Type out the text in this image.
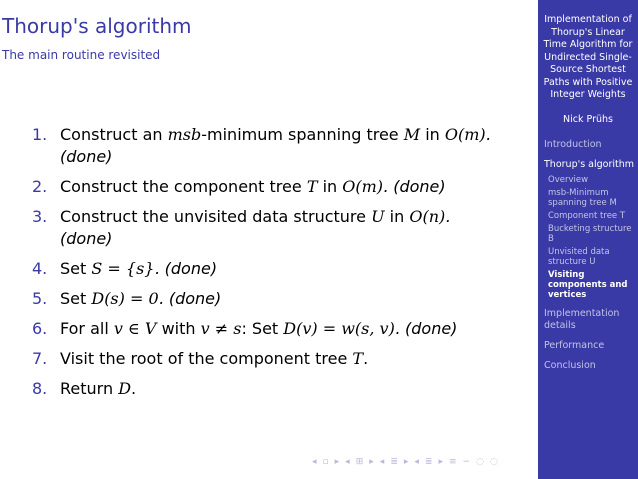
Thorup's algorithm
The main routine revisited
1. Construct an msb-minimum spanning tree M in O(m).
(done)
2. Construct the component tree T in O(m). (done)
3. Construct the unvisited data structure U in O(n).
(done)
4. Set S = {s}. (done)
5. Set D(s) = 0. (done)
6. For all v ∈ V with v ≠ s: Set D(v) = w(s, v). (done)
7. Visit the root of the component tree T.
8. Return D.
◂ ▫ ▸ ◂ ⊞ ▸ ◂ ≣ ▸ ◂ ≣ ▸ ≡ ∽ ◌ ◌
Implementation of Thorup's Linear Time Algorithm for Undirected Single-Source Shortest Paths with Positive Integer Weights
Nick Prühs
Introduction
Thorup's algorithm
Overview
msb-Minimum spanning tree M
Component tree T
Bucketing structure B
Unvisited data structure U
Visiting components and vertices
Implementation details
Performance
Conclusion
